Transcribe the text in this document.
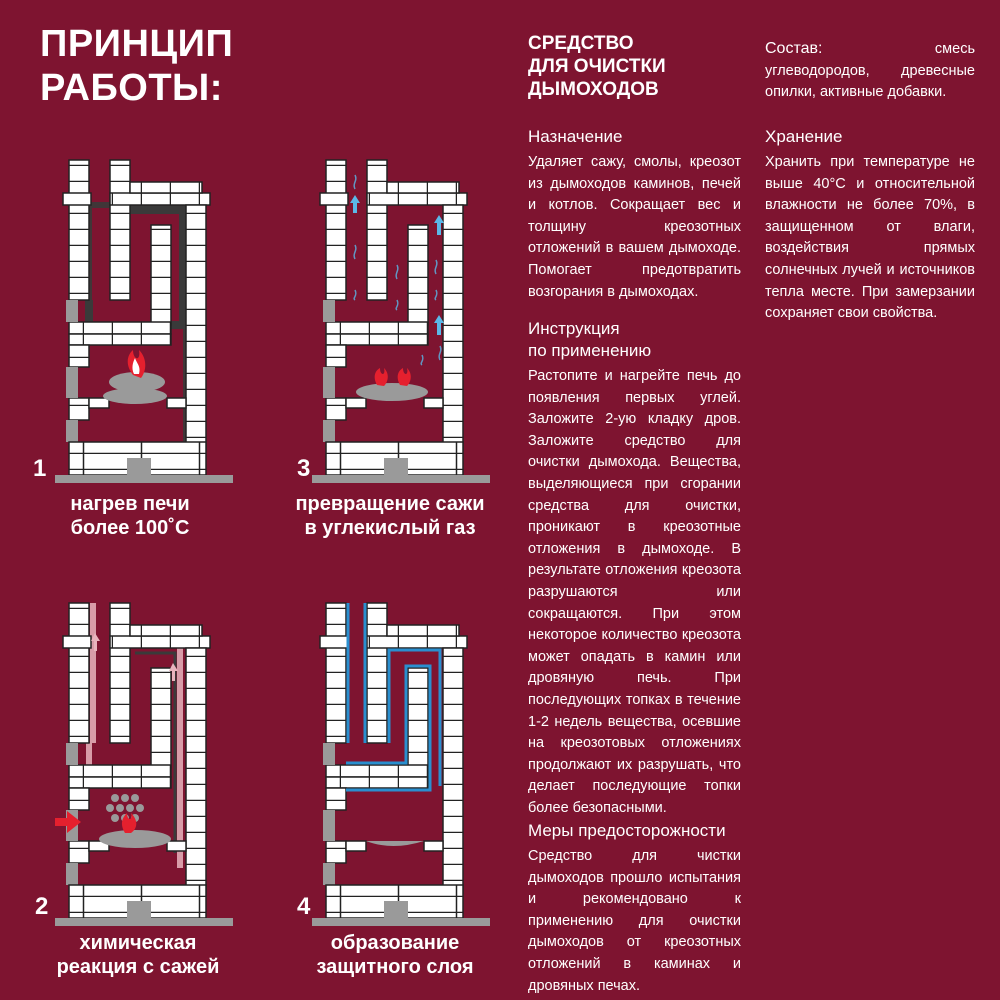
ПРИНЦИП
РАБОТЫ:
1
нагрев печи
более 100˚С
3
превращение сажи
в углекислый газ
2
химическая
реакция с сажей
4
образование
защитного слоя
СРЕДСТВО
ДЛЯ ОЧИСТКИ
ДЫМОХОДОВ
Назначение

Удаляет сажу, смолы, креозот из дымоходов каминов, печей и котлов. Сокращает вес и толщину креозотных отложений в вашем дымоходе. Помогает предотвратить возгорания в дымоходах.

Инструкция
по применению

Растопите и нагрейте печь до появления первых углей. Заложите 2-ую кладку дров. Заложите средство для очистки дымохода. Вещества, выделяющиеся при сгорании средства для очистки, проникают в креозотные отложения в дымоходе. В результате отложения креозота разрушаются или сокращаются. При этом некоторое количество креозота может опадать в камин или дровяную печь. При последующих топках в течение 1-2 недель вещества, осевшие на креозотовых отложениях продолжают их разрушать, что делает последующие топки более безопасными.

Меры предосторожности

Средство для чистки дымоходов прошло испытания и рекомендовано к применению для очистки дымоходов от креозотных отложений в каминах и дровяных печах.

Состав:	смесь углеводородов, древесные опилки, активные добавки.

Хранение

Хранить при температуре не выше 40°С и относительной влажности не более 70%, в защищенном от влаги, воздействия прямых солнечных лучей и источников тепла месте. При замерзании сохраняет свои свойства.
